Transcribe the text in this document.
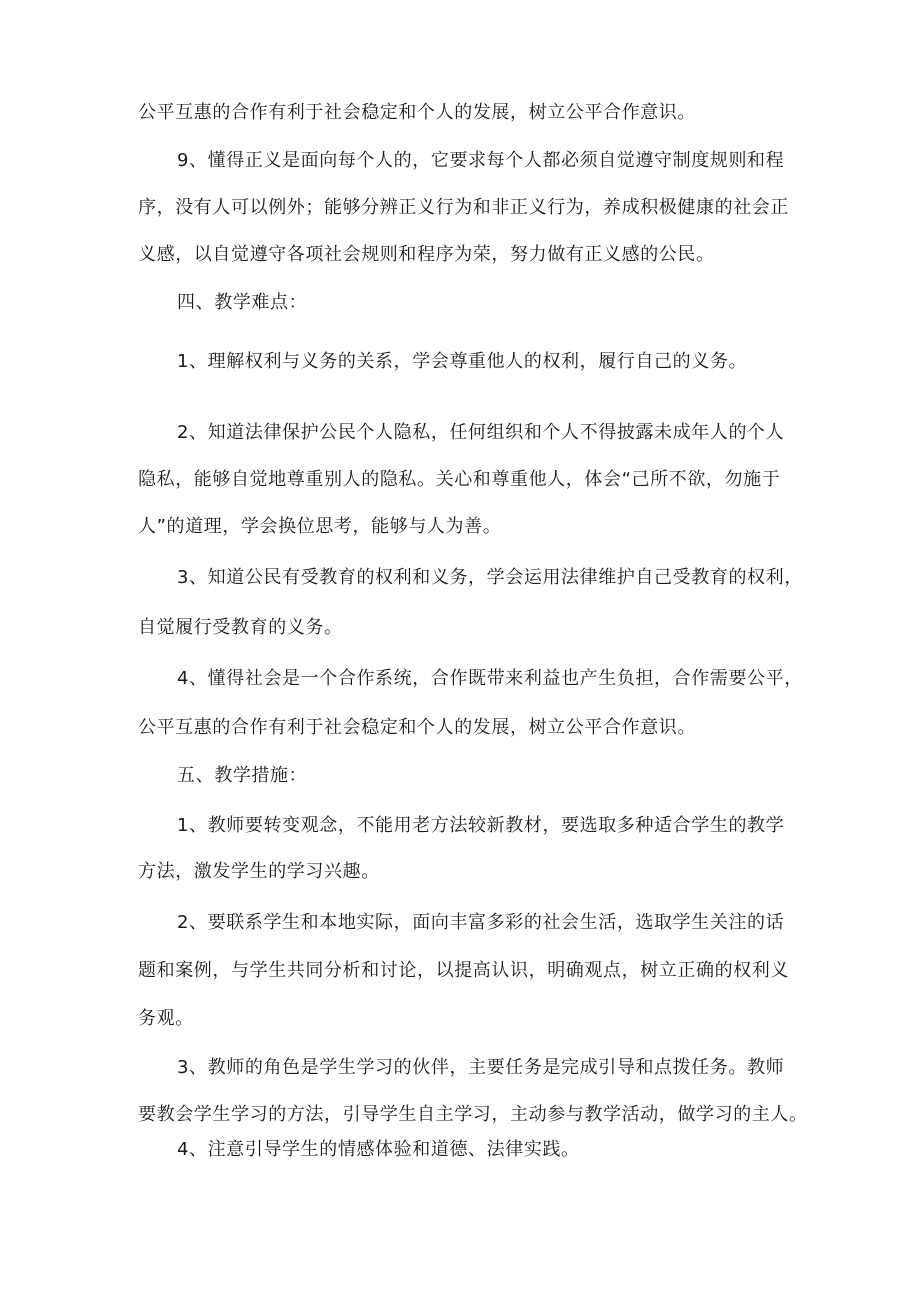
公平互惠的合作有利于社会稳定和个人的发展，树立公平合作意识。
9、懂得正义是面向每个人的，它要求每个人都必须自觉遵守制度规则和程
序，没有人可以例外；能够分辨正义行为和非正义行为，养成积极健康的社会正
义感，以自觉遵守各项社会规则和程序为荣，努力做有正义感的公民。
四、教学难点：
1、理解权利与义务的关系，学会尊重他人的权利，履行自己的义务。
2、知道法律保护公民个人隐私，任何组织和个人不得披露未成年人的个人
隐私，能够自觉地尊重别人的隐私。关心和尊重他人，体会“己所不欲，勿施于
人”的道理，学会换位思考，能够与人为善。
3、知道公民有受教育的权利和义务，学会运用法律维护自己受教育的权利，
自觉履行受教育的义务。
4、懂得社会是一个合作系统，合作既带来利益也产生负担，合作需要公平，
公平互惠的合作有利于社会稳定和个人的发展，树立公平合作意识。
五、教学措施：
1、教师要转变观念，不能用老方法较新教材，要选取多种适合学生的教学
方法，激发学生的学习兴趣。
2、要联系学生和本地实际，面向丰富多彩的社会生活，选取学生关注的话
题和案例，与学生共同分析和讨论，以提高认识，明确观点，树立正确的权利义
务观。
3、教师的角色是学生学习的伙伴，主要任务是完成引导和点拨任务。教师
要教会学生学习的方法，引导学生自主学习，主动参与教学活动，做学习的主人。
4、注意引导学生的情感体验和道德、法律实践。
